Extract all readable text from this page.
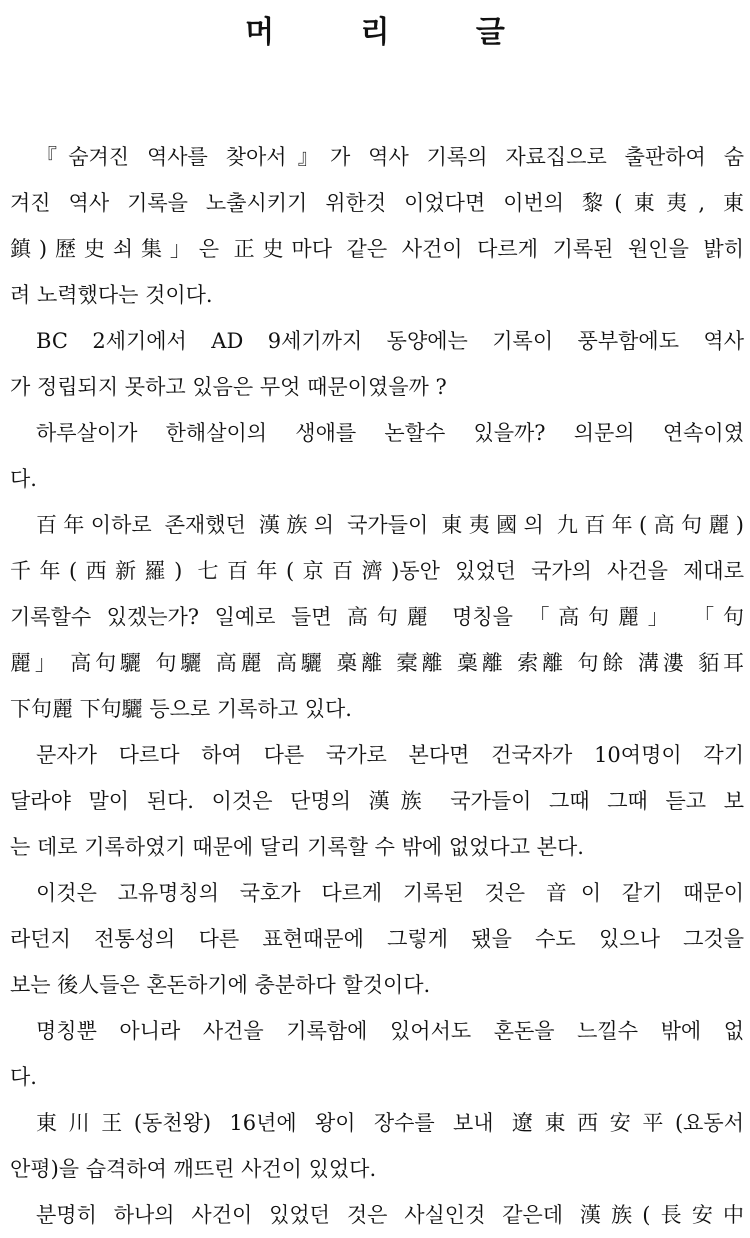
머 리 글
『숨겨진 역사를 찾아서』가 역사 기록의 자료집으로 출판하여 숨
겨진 역사 기록을 노출시키기 위한것 이었다면 이번의 黎(東夷, 東
鎮)歷史쇠集」은 正史마다 같은 사건이 다르게 기록된 원인을 밝히
려 노력했다는 것이다.
BC 2세기에서 AD 9세기까지 동양에는 기록이 풍부함에도 역사
가 정립되지 못하고 있음은 무엇 때문이였을까 ?
하루살이가 한해살이의 생애를 논할수 있을까? 의문의 연속이였
다.
百年이하로 존재했던 漢族의 국가들이 東夷國의 九百年(高句麗)
千年(西新羅) 七百年(京百濟)동안 있었던 국가의 사건을 제대로
기록할수 있겠는가? 일예로 들면 高句麗 명칭을 「高句麗」 「句
麗」 高句驪 句驪 高麗 高驪 槀離 槖離 稾離 索離 句餘 溝漊 貊耳
下句麗 下句驪 등으로 기록하고 있다.
문자가 다르다 하여 다른 국가로 본다면 건국자가 10여명이 각기
달라야 말이 된다. 이것은 단명의 漢族 국가들이 그때 그때 듣고 보
는 데로 기록하였기 때문에 달리 기록할 수 밖에 없었다고 본다.
이것은 고유명칭의 국호가 다르게 기록된 것은 音이 같기 때문이
라던지 전통성의 다른 표현때문에 그렇게 됐을 수도 있으나 그것을
보는 後人들은 혼돈하기에 충분하다 할것이다.
명칭뿐 아니라 사건을 기록함에 있어서도 혼돈을 느낄수 밖에 없
다.
東川王(동천왕) 16년에 왕이 장수를 보내 遼東西安平(요동서
안평)을 습격하여 깨뜨린 사건이 있었다.
분명히 하나의 사건이 있었던 것은 사실인것 같은데 漢族(長安中
